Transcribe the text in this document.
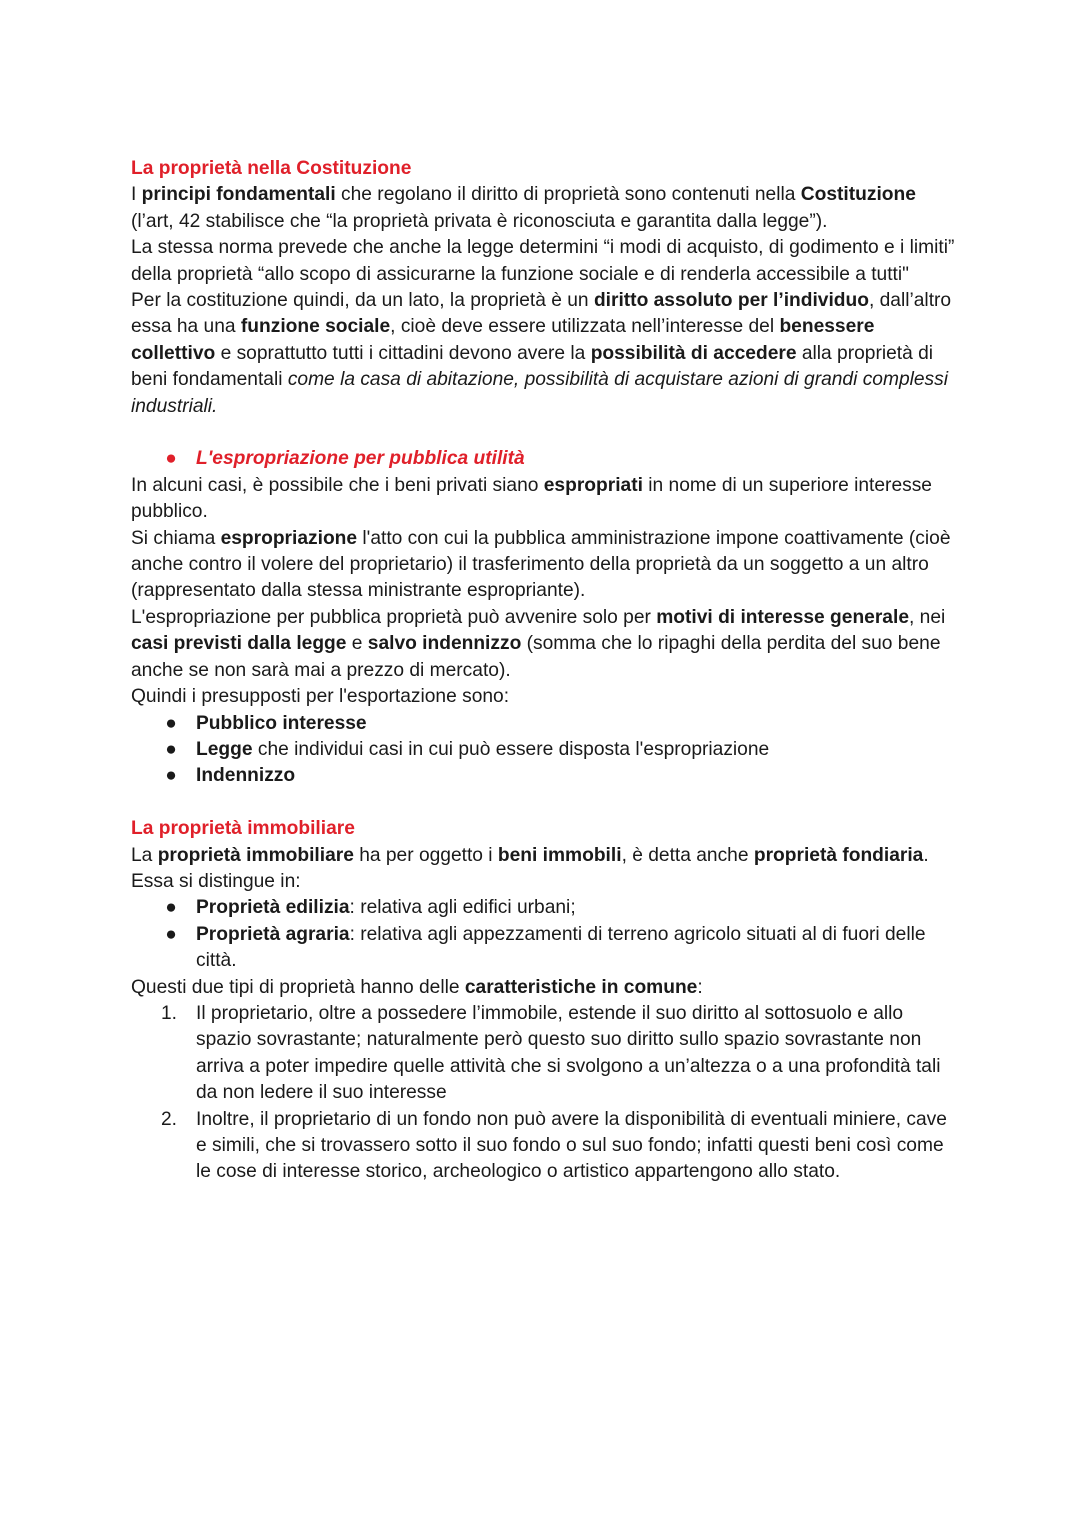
La proprietà nella Costituzione

I principi fondamentali che regolano il diritto di proprietà sono contenuti nella Costituzione (l’art, 42 stabilisce che “la proprietà privata è riconosciuta e garantita dalla legge”).

La stessa norma prevede che anche la legge determini “i modi di acquisto, di godimento e i limiti” della proprietà “allo scopo di assicurarne la funzione sociale e di renderla accessibile a tutti"

Per la costituzione quindi, da un lato, la proprietà è un diritto assoluto per l’individuo, dall’altro essa ha una funzione sociale, cioè deve essere utilizzata nell’interesse del benessere collettivo e soprattutto tutti i cittadini devono avere la possibilità di accedere alla proprietà di beni fondamentali come la casa di abitazione, possibilità di acquistare azioni di grandi complessi industriali.

● L'espropriazione per pubblica utilità

In alcuni casi, è possibile che i beni privati siano espropriati in nome di un superiore interesse pubblico.

Si chiama espropriazione l'atto con cui la pubblica amministrazione impone coattivamente (cioè anche contro il volere del proprietario) il trasferimento della proprietà da un soggetto a un altro (rappresentato dalla stessa ministrante espropriante).

L'espropriazione per pubblica proprietà può avvenire solo per motivi di interesse generale, nei casi previsti dalla legge e salvo indennizzo (somma che lo ripaghi della perdita del suo bene anche se non sarà mai a prezzo di mercato).

Quindi i presupposti per l'esportazione sono:

● Pubblico interesse
● Legge che individui casi in cui può essere disposta l'espropriazione
● Indennizzo
La proprietà immobiliare

La proprietà immobiliare ha per oggetto i beni immobili, è detta anche proprietà fondiaria.

Essa si distingue in:

● Proprietà edilizia: relativa agli edifici urbani;
● Proprietà agraria: relativa agli appezzamenti di terreno agricolo situati al di fuori delle città.

Questi due tipi di proprietà hanno delle caratteristiche in comune:

1. Il proprietario, oltre a possedere l’immobile, estende il suo diritto al sottosuolo e allo spazio sovrastante; naturalmente però questo suo diritto sullo spazio sovrastante non arriva a poter impedire quelle attività che si svolgono a un’altezza o a una profondità tali da non ledere il suo interesse
2. Inoltre, il proprietario di un fondo non può avere la disponibilità di eventuali miniere, cave e simili, che si trovassero sotto il suo fondo o sul suo fondo; infatti questi beni così come le cose di interesse storico, archeologico o artistico appartengono allo stato.
